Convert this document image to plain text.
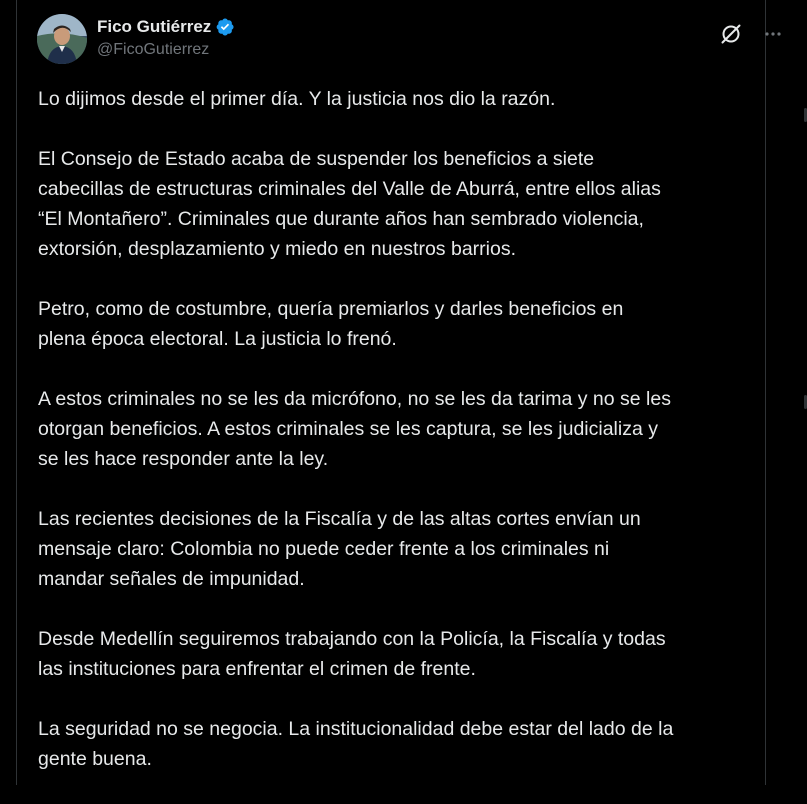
Fico Gutiérrez
@FicoGutierrez

Lo dijimos desde el primer día. Y la justicia nos dio la razón.

El Consejo de Estado acaba de suspender los beneficios a siete
cabecillas de estructuras criminales del Valle de Aburrá, entre ellos alias
“El Montañero”. Criminales que durante años han sembrado violencia,
extorsión, desplazamiento y miedo en nuestros barrios.

Petro, como de costumbre, quería premiarlos y darles beneficios en
plena época electoral. La justicia lo frenó.

A estos criminales no se les da micrófono, no se les da tarima y no se les
otorgan beneficios. A estos criminales se les captura, se les judicializa y
se les hace responder ante la ley.

Las recientes decisiones de la Fiscalía y de las altas cortes envían un
mensaje claro: Colombia no puede ceder frente a los criminales ni
mandar señales de impunidad.

Desde Medellín seguiremos trabajando con la Policía, la Fiscalía y todas
las instituciones para enfrentar el crimen de frente.

La seguridad no se negocia. La institucionalidad debe estar del lado de la
gente buena.
